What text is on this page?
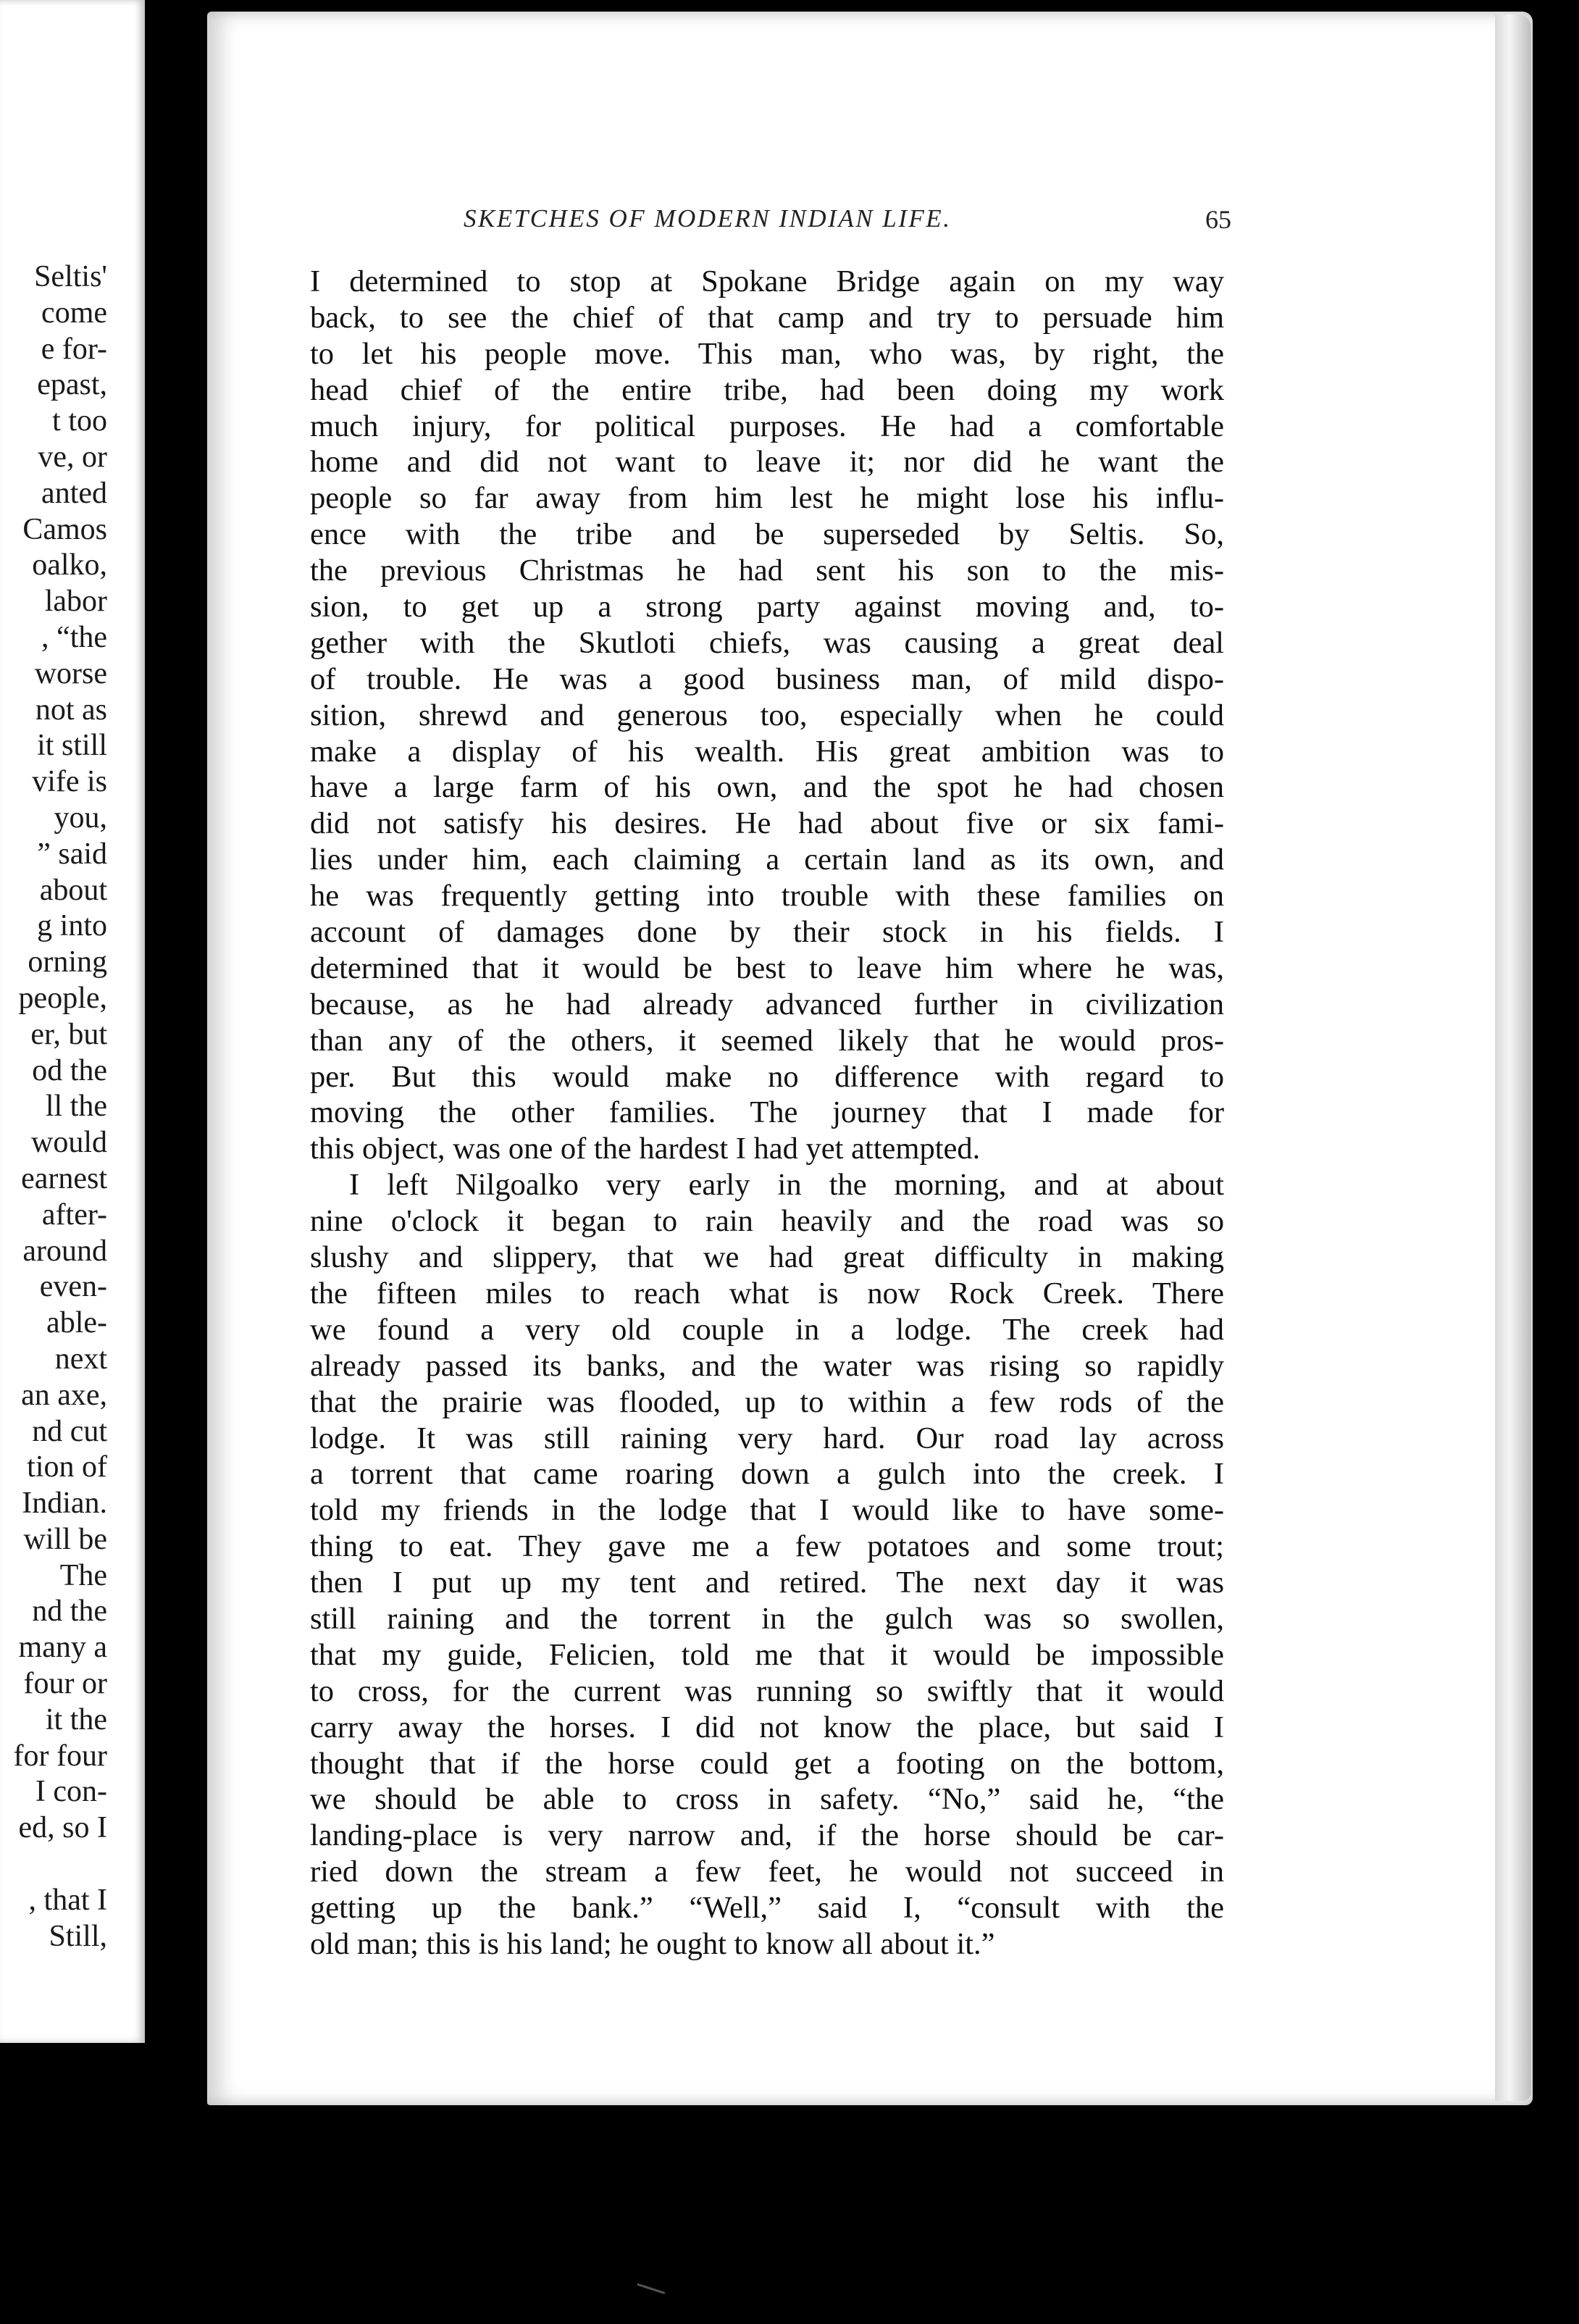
Seltis'
come
e for-
epast,
t too
ve, or
anted
Camos
oalko,
labor
, “the
worse
not as
it still
vife is
you,
” said
about
g into
orning
people,
er, but
od the
ll the
would
earnest
after-
around
even-
able-
next
an axe,
nd cut
tion of
Indian.
will be
The
nd the
many a
four or
it the
for four
I con-
ed, so I
, that I
Still,
SKETCHES OF MODERN INDIAN LIFE.	65
I determined to stop at Spokane Bridge again on my way
back, to see the chief of that camp and try to persuade him
to let his people move. This man, who was, by right, the
head chief of the entire tribe, had been doing my work
much injury, for political purposes. He had a comfortable
home and did not want to leave it; nor did he want the
people so far away from him lest he might lose his influ-
ence with the tribe and be superseded by Seltis. So,
the previous Christmas he had sent his son to the mis-
sion, to get up a strong party against moving and, to-
gether with the Skutloti chiefs, was causing a great deal
of trouble. He was a good business man, of mild dispo-
sition, shrewd and generous too, especially when he could
make a display of his wealth. His great ambition was to
have a large farm of his own, and the spot he had chosen
did not satisfy his desires. He had about five or six fami-
lies under him, each claiming a certain land as its own, and
he was frequently getting into trouble with these families on
account of damages done by their stock in his fields. I
determined that it would be best to leave him where he was,
because, as he had already advanced further in civilization
than any of the others, it seemed likely that he would pros-
per. But this would make no difference with regard to
moving the other families. The journey that I made for
this object, was one of the hardest I had yet attempted.
I left Nilgoalko very early in the morning, and at about
nine o'clock it began to rain heavily and the road was so
slushy and slippery, that we had great difficulty in making
the fifteen miles to reach what is now Rock Creek. There
we found a very old couple in a lodge. The creek had
already passed its banks, and the water was rising so rapidly
that the prairie was flooded, up to within a few rods of the
lodge. It was still raining very hard. Our road lay across
a torrent that came roaring down a gulch into the creek. I
told my friends in the lodge that I would like to have some-
thing to eat. They gave me a few potatoes and some trout;
then I put up my tent and retired. The next day it was
still raining and the torrent in the gulch was so swollen,
that my guide, Felicien, told me that it would be impossible
to cross, for the current was running so swiftly that it would
carry away the horses. I did not know the place, but said I
thought that if the horse could get a footing on the bottom,
we should be able to cross in safety. “No,” said he, “the
landing-place is very narrow and, if the horse should be car-
ried down the stream a few feet, he would not succeed in
getting up the bank.” “Well,” said I, “consult with the
old man; this is his land; he ought to know all about it.”
